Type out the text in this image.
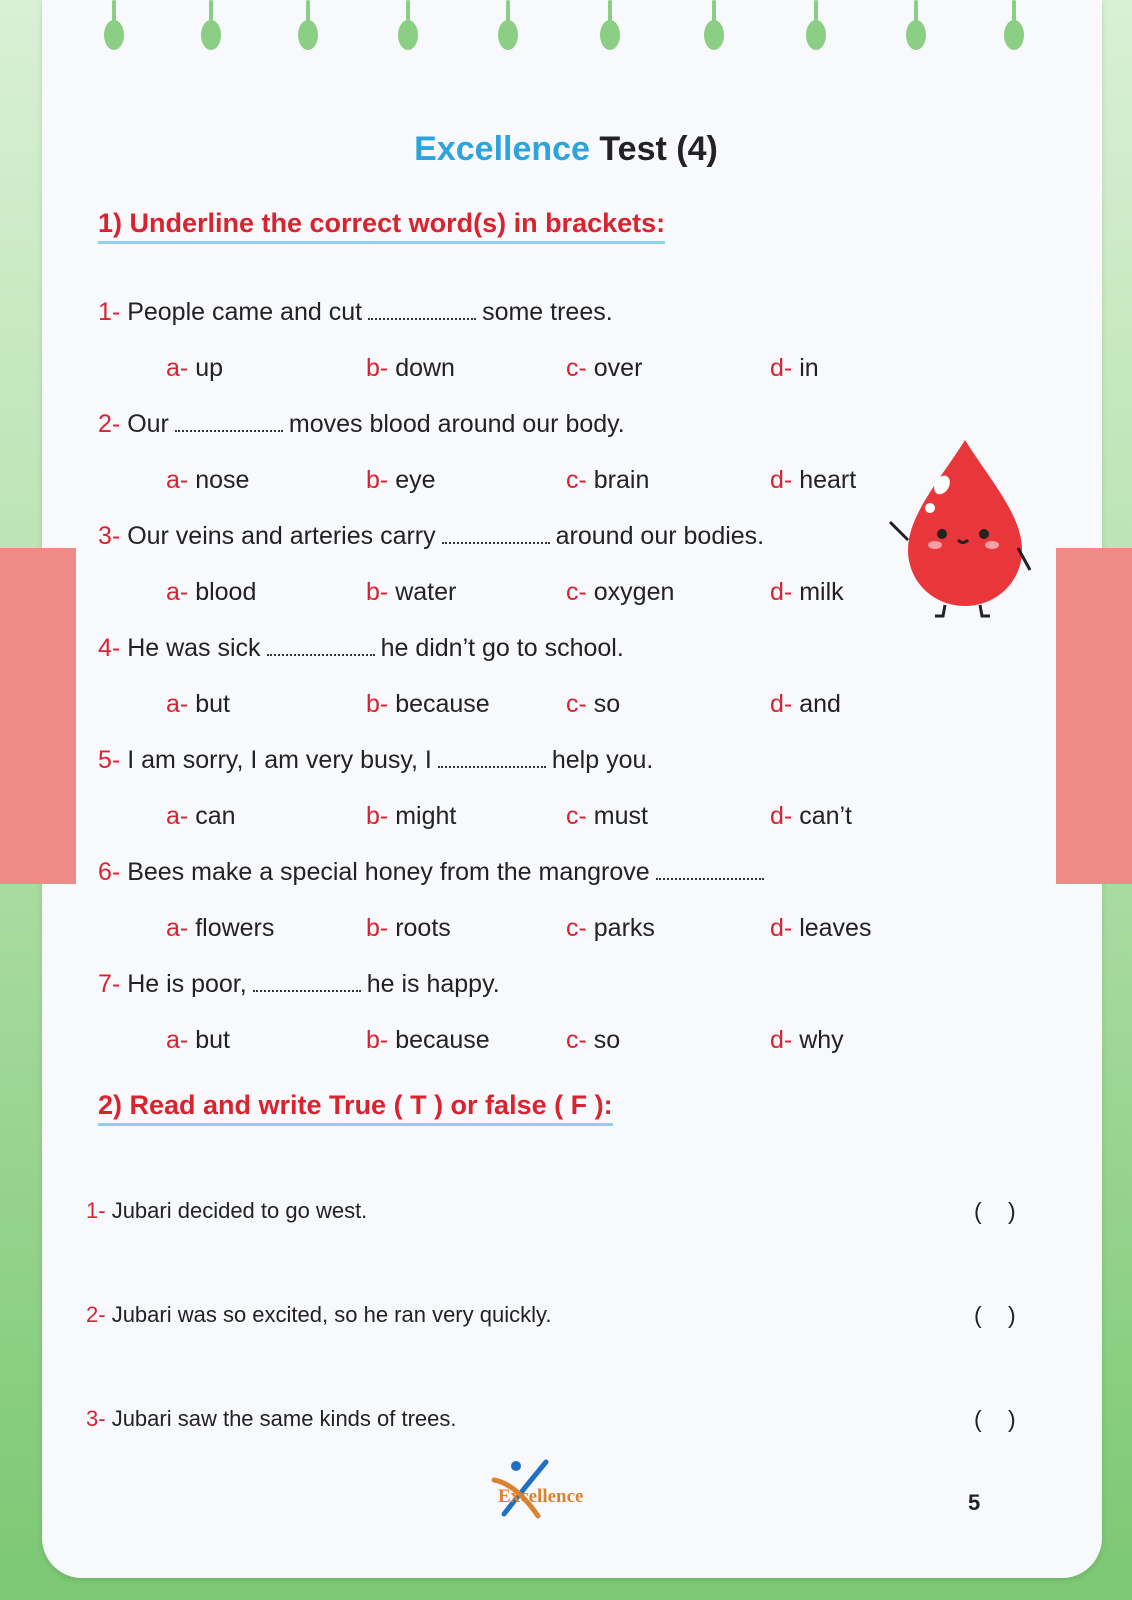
Excellence Test (4)
1) Underline the correct word(s) in brackets:
1- People came and cut	some trees.
a- up	b- down	c- over	d- in
2- Our	moves blood around our body.
a- nose	b- eye	c- brain	d- heart
3- Our veins and arteries carry	around our bodies.
a- blood	b- water	c- oxygen	d- milk
4- He was sick	he didn’t go to school.
a- but	b- because	c- so	d- and
5- I am sorry, I am very busy, I	help you.
a- can	b- might	c- must	d- can’t
6- Bees make a special honey from the mangrove
a- flowers	b- roots	c- parks	d- leaves
7- He is poor,	he is happy.
a- but	b- because	c- so	d- why
2) Read and write True ( T ) or false ( F ):
1- Jubari decided to go west.	( )
2- Jubari was so excited, so he ran very quickly.	( )
3- Jubari saw the same kinds of trees.	( )
Excellence	5
